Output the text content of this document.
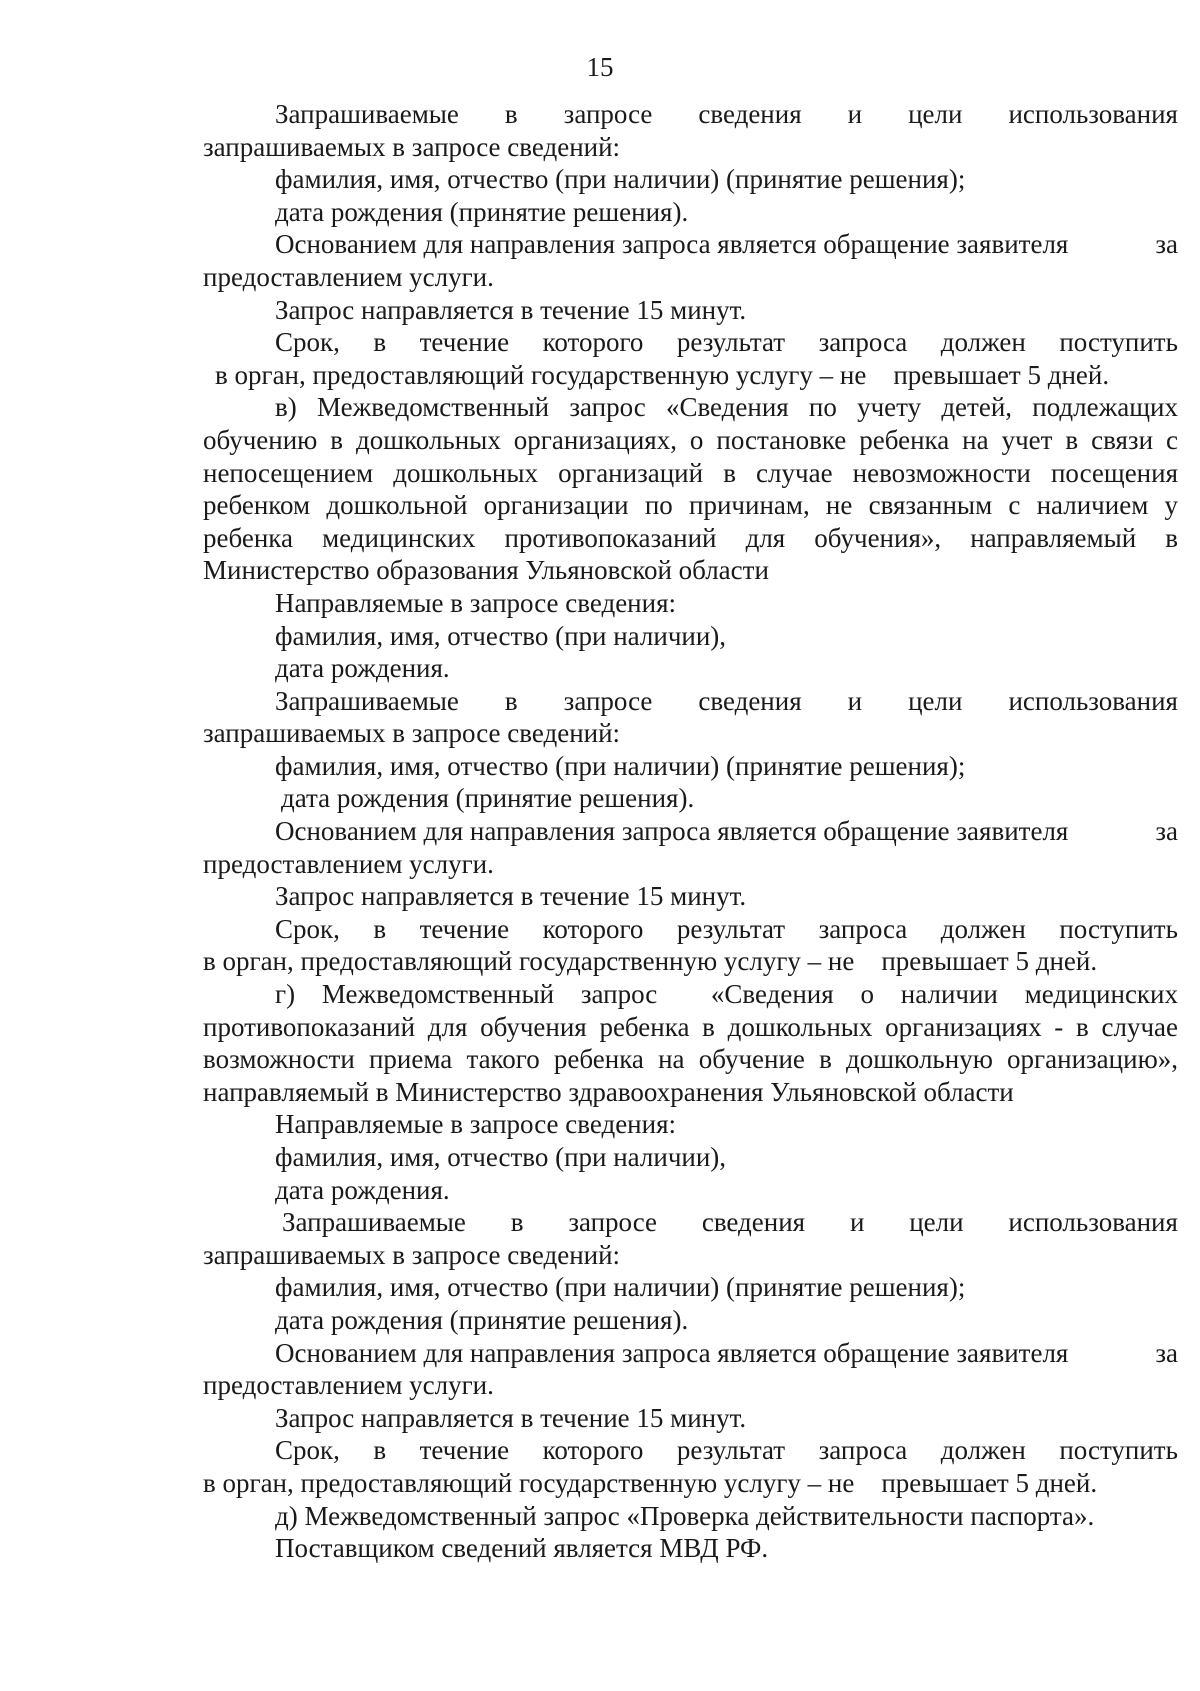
15
Запрашиваемые в запросе сведения и цели использования

запрашиваемых в запросе сведений:

фамилия, имя, отчество (при наличии) (принятие решения);

дата рождения (принятие решения).

Основанием для направления запроса является обращение заявителя	за

предоставлением услуги.

Запрос направляется в течение 15 минут.

Срок, в течение которого результат запроса должен поступить

в орган, предоставляющий государственную услугу – не    превышает 5 дней.

в) Межведомственный запрос «Сведения по учету детей, подлежащих обучению в дошкольных организациях, о постановке ребенка на учет в связи с непосещением дошкольных организаций в случае невозможности посещения ребенком дошкольной организации по причинам, не связанным с наличием у ребенка медицинских противопоказаний для обучения», направляемый в Министерство образования Ульяновской области

Направляемые в запросе сведения:

фамилия, имя, отчество (при наличии),

дата рождения.

Запрашиваемые в запросе сведения и цели использования

запрашиваемых в запросе сведений:

фамилия, имя, отчество (при наличии) (принятие решения);

дата рождения (принятие решения).

Основанием для направления запроса является обращение заявителя	за

предоставлением услуги.

Запрос направляется в течение 15 минут.

Срок, в течение которого результат запроса должен поступить

в орган, предоставляющий государственную услугу – не    превышает 5 дней.

г) Межведомственный запрос  «Сведения о наличии медицинских противопоказаний для обучения ребенка в дошкольных организациях - в случае возможности приема такого ребенка на обучение в дошкольную организацию», направляемый в Министерство здравоохранения Ульяновской области

Направляемые в запросе сведения:

фамилия, имя, отчество (при наличии),

дата рождения.

Запрашиваемые в запросе сведения и цели использования

запрашиваемых в запросе сведений:

фамилия, имя, отчество (при наличии) (принятие решения);

дата рождения (принятие решения).

Основанием для направления запроса является обращение заявителя	за

предоставлением услуги.

Запрос направляется в течение 15 минут.

Срок, в течение которого результат запроса должен поступить

в орган, предоставляющий государственную услугу – не    превышает 5 дней.

д) Межведомственный запрос «Проверка действительности паспорта».

Поставщиком сведений является МВД РФ.
